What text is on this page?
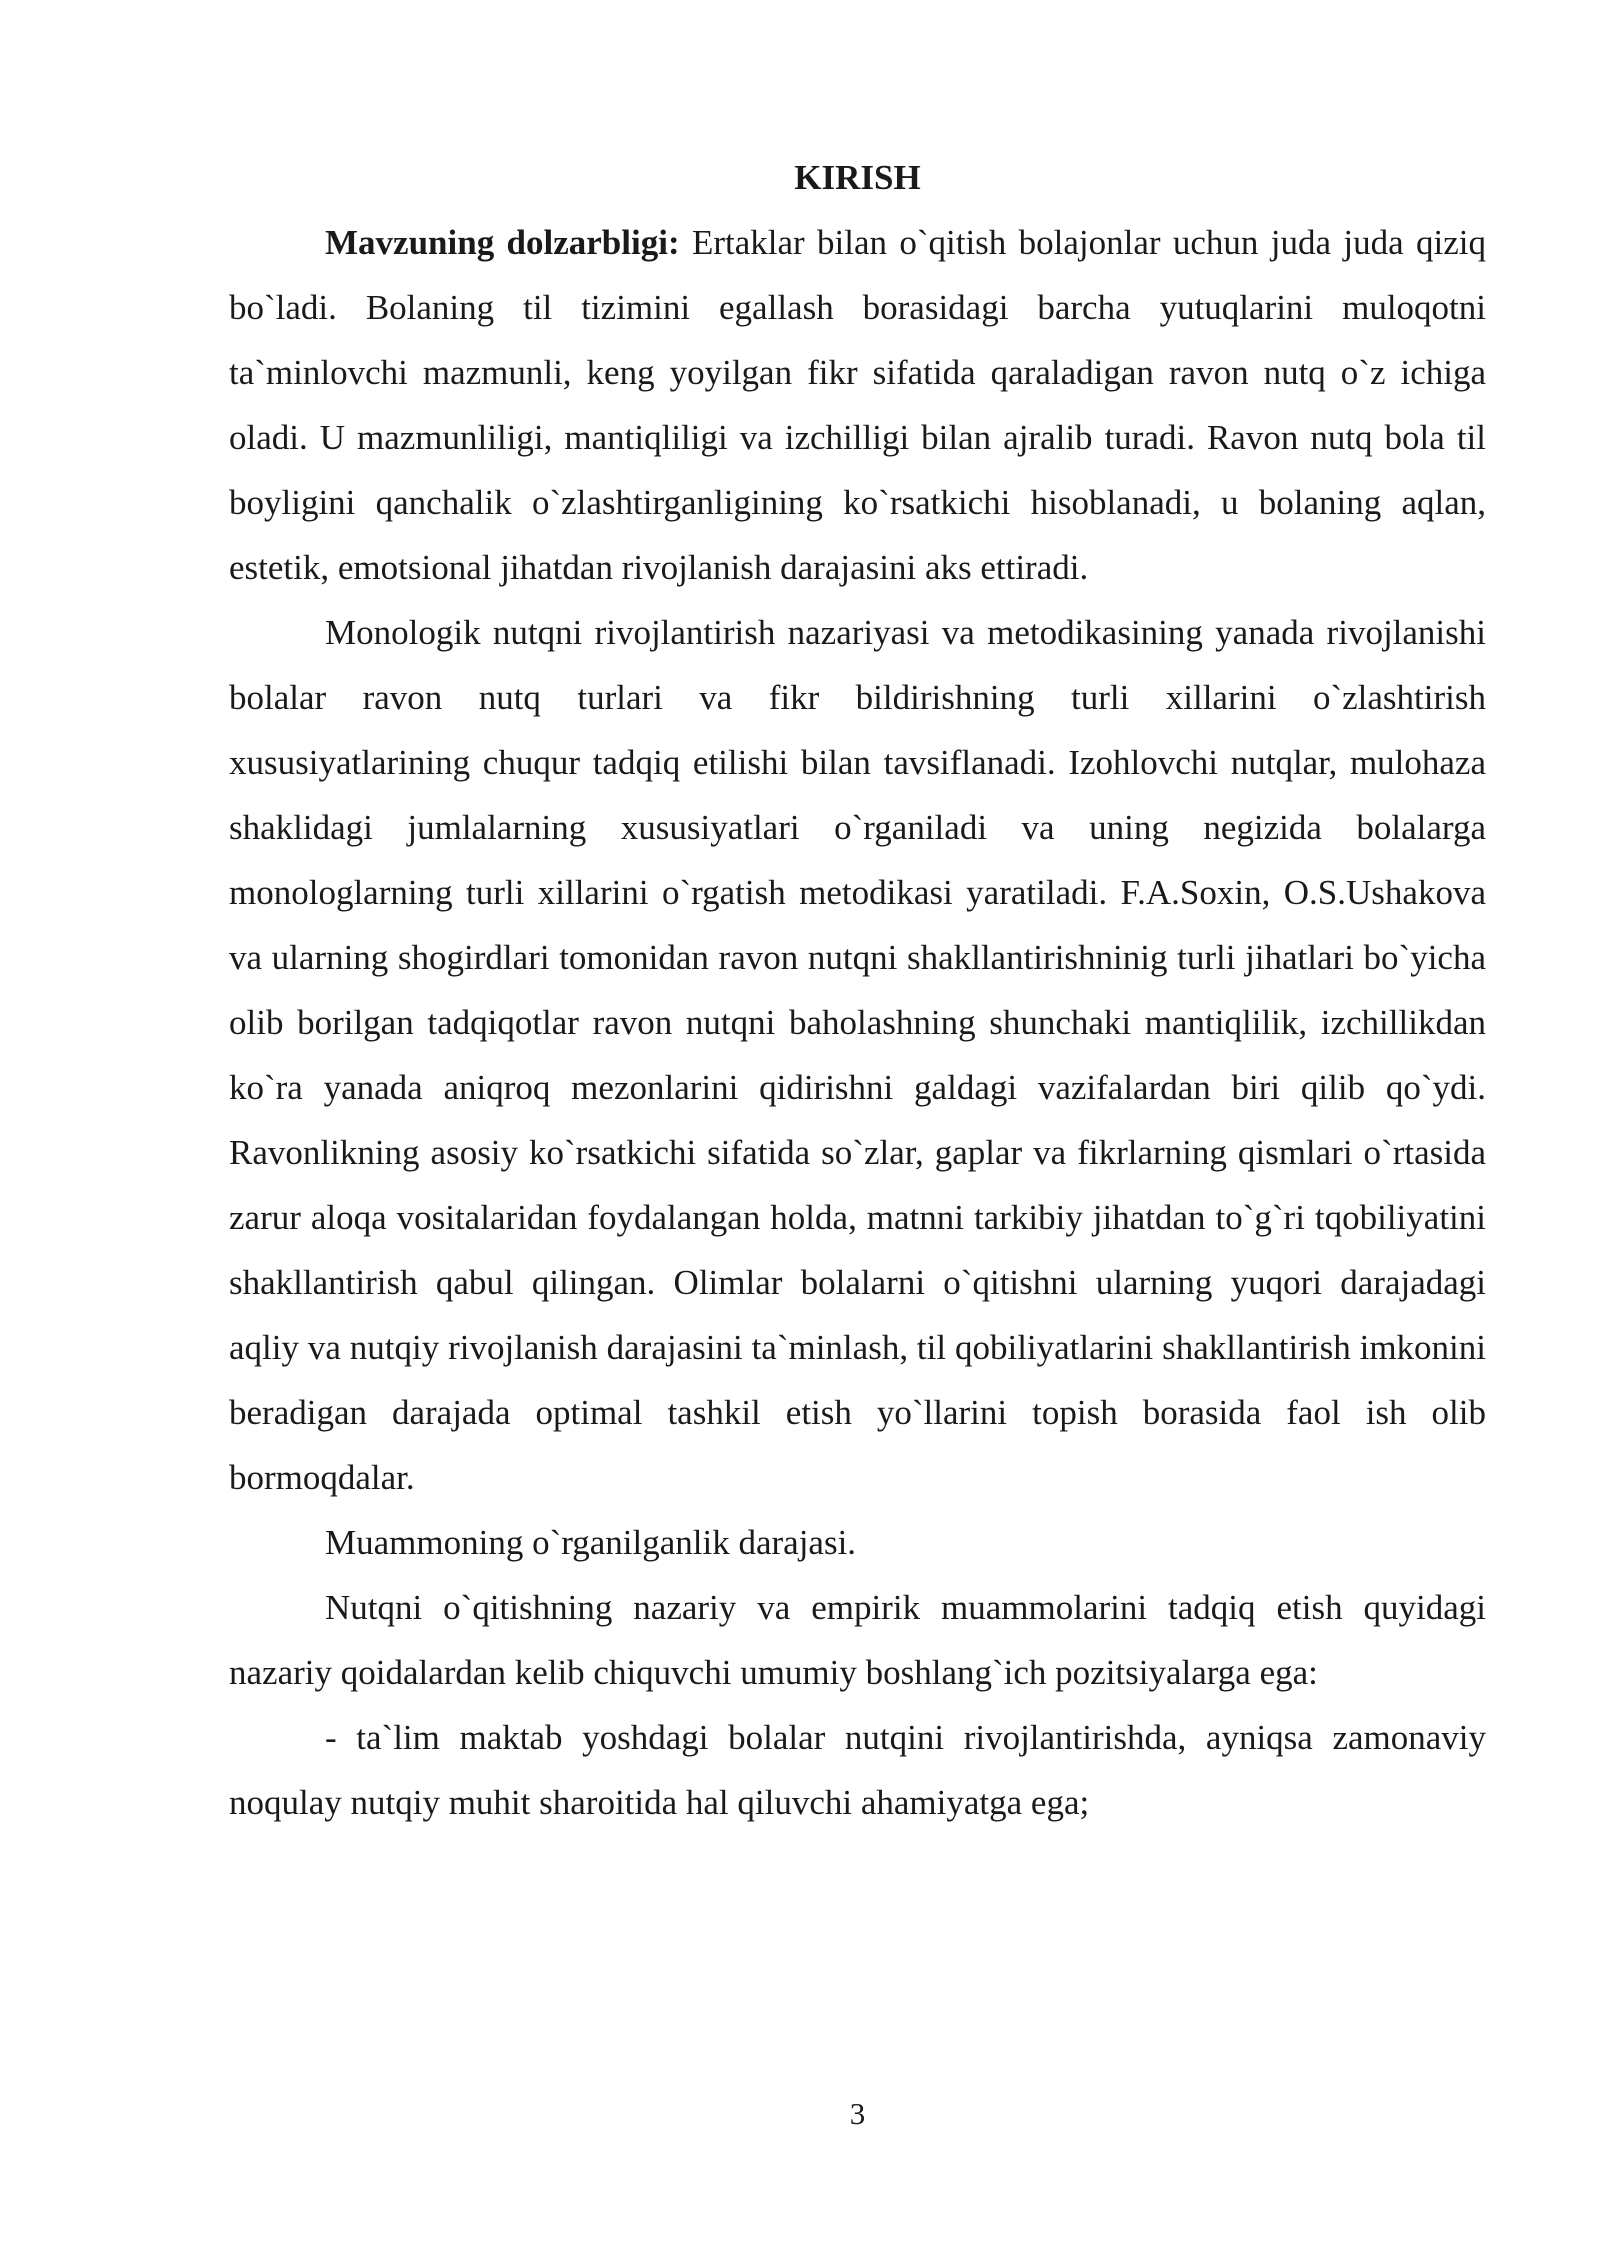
KIRISH

Mavzuning dolzarbligi: Ertaklar bilan o`qitish bolajonlar uchun juda juda qiziq bo`ladi. Bolaning til tizimini egallash borasidagi barcha yutuqlarini muloqotni ta`minlovchi mazmunli, keng yoyilgan fikr sifatida qaraladigan ravon nutq o`z ichiga oladi. U mazmunliligi, mantiqliligi va izchilligi bilan ajralib turadi. Ravon nutq bola til boyligini qanchalik o`zlashtirganligining ko`rsatkichi hisoblanadi, u bolaning aqlan, estetik, emotsional jihatdan rivojlanish darajasini aks ettiradi.

Monologik nutqni rivojlantirish nazariyasi va metodikasining yanada rivojlanishi bolalar ravon nutq turlari va fikr bildirishning turli xillarini o`zlashtirish xususiyatlarining chuqur tadqiq etilishi bilan tavsiflanadi. Izohlovchi nutqlar, mulohaza shaklidagi jumlalarning xususiyatlari o`rganiladi va uning negizida bolalarga monologlarning turli xillarini o`rgatish metodikasi yaratiladi. F.A.Soxin, O.S.Ushakova va ularning shogirdlari tomonidan ravon nutqni shakllantirishninig turli jihatlari bo`yicha olib borilgan tadqiqotlar ravon nutqni baholashning shunchaki mantiqlilik, izchillikdan ko`ra yanada aniqroq mezonlarini qidirishni galdagi vazifalardan biri qilib qo`ydi. Ravonlikning asosiy ko`rsatkichi sifatida so`zlar, gaplar va fikrlarning qismlari o`rtasida zarur aloqa vositalaridan foydalangan holda, matnni tarkibiy jihatdan to`g`ri tqobiliyatini shakllantirish qabul qilingan. Olimlar bolalarni o`qitishni ularning yuqori darajadagi aqliy va nutqiy rivojlanish darajasini ta`minlash, til qobiliyatlarini shakllantirish imkonini beradigan darajada optimal tashkil etish yo`llarini topish borasida faol ish olib bormoqdalar.

Muammoning o`rganilganlik darajasi.

Nutqni o`qitishning nazariy va empirik muammolarini tadqiq etish quyidagi nazariy qoidalardan kelib chiquvchi umumiy boshlang`ich pozitsiyalarga ega:

- ta`lim maktab yoshdagi bolalar nutqini rivojlantirishda, ayniqsa zamonaviy noqulay nutqiy muhit sharoitida hal qiluvchi ahamiyatga ega;

3
